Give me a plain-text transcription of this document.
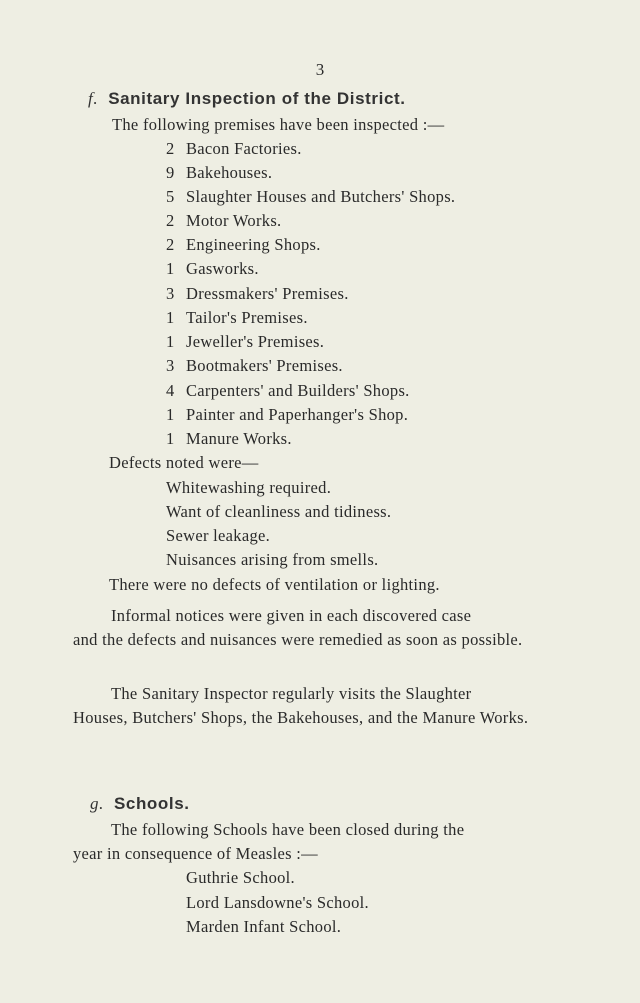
3
f. Sanitary Inspection of the District.
The following premises have been inspected :—
2 Bacon Factories.
9 Bakehouses.
5 Slaughter Houses and Butchers' Shops.
2 Motor Works.
2 Engineering Shops.
1 Gasworks.
3 Dressmakers' Premises.
1 Tailor's Premises.
1 Jeweller's Premises.
3 Bootmakers' Premises.
4 Carpenters' and Builders' Shops.
1 Painter and Paperhanger's Shop.
1 Manure Works.
Defects noted were—
Whitewashing required.
Want of cleanliness and tidiness.
Sewer leakage.
Nuisances arising from smells.
There were no defects of ventilation or lighting.
Informal notices were given in each discovered case
and the defects and nuisances were remedied as soon as possible.
The Sanitary Inspector regularly visits the Slaughter
Houses, Butchers' Shops, the Bakehouses, and the Manure Works.
g. Schools.
The following Schools have been closed during the
year in consequence of Measles :—
Guthrie School.
Lord Lansdowne's School.
Marden Infant School.
